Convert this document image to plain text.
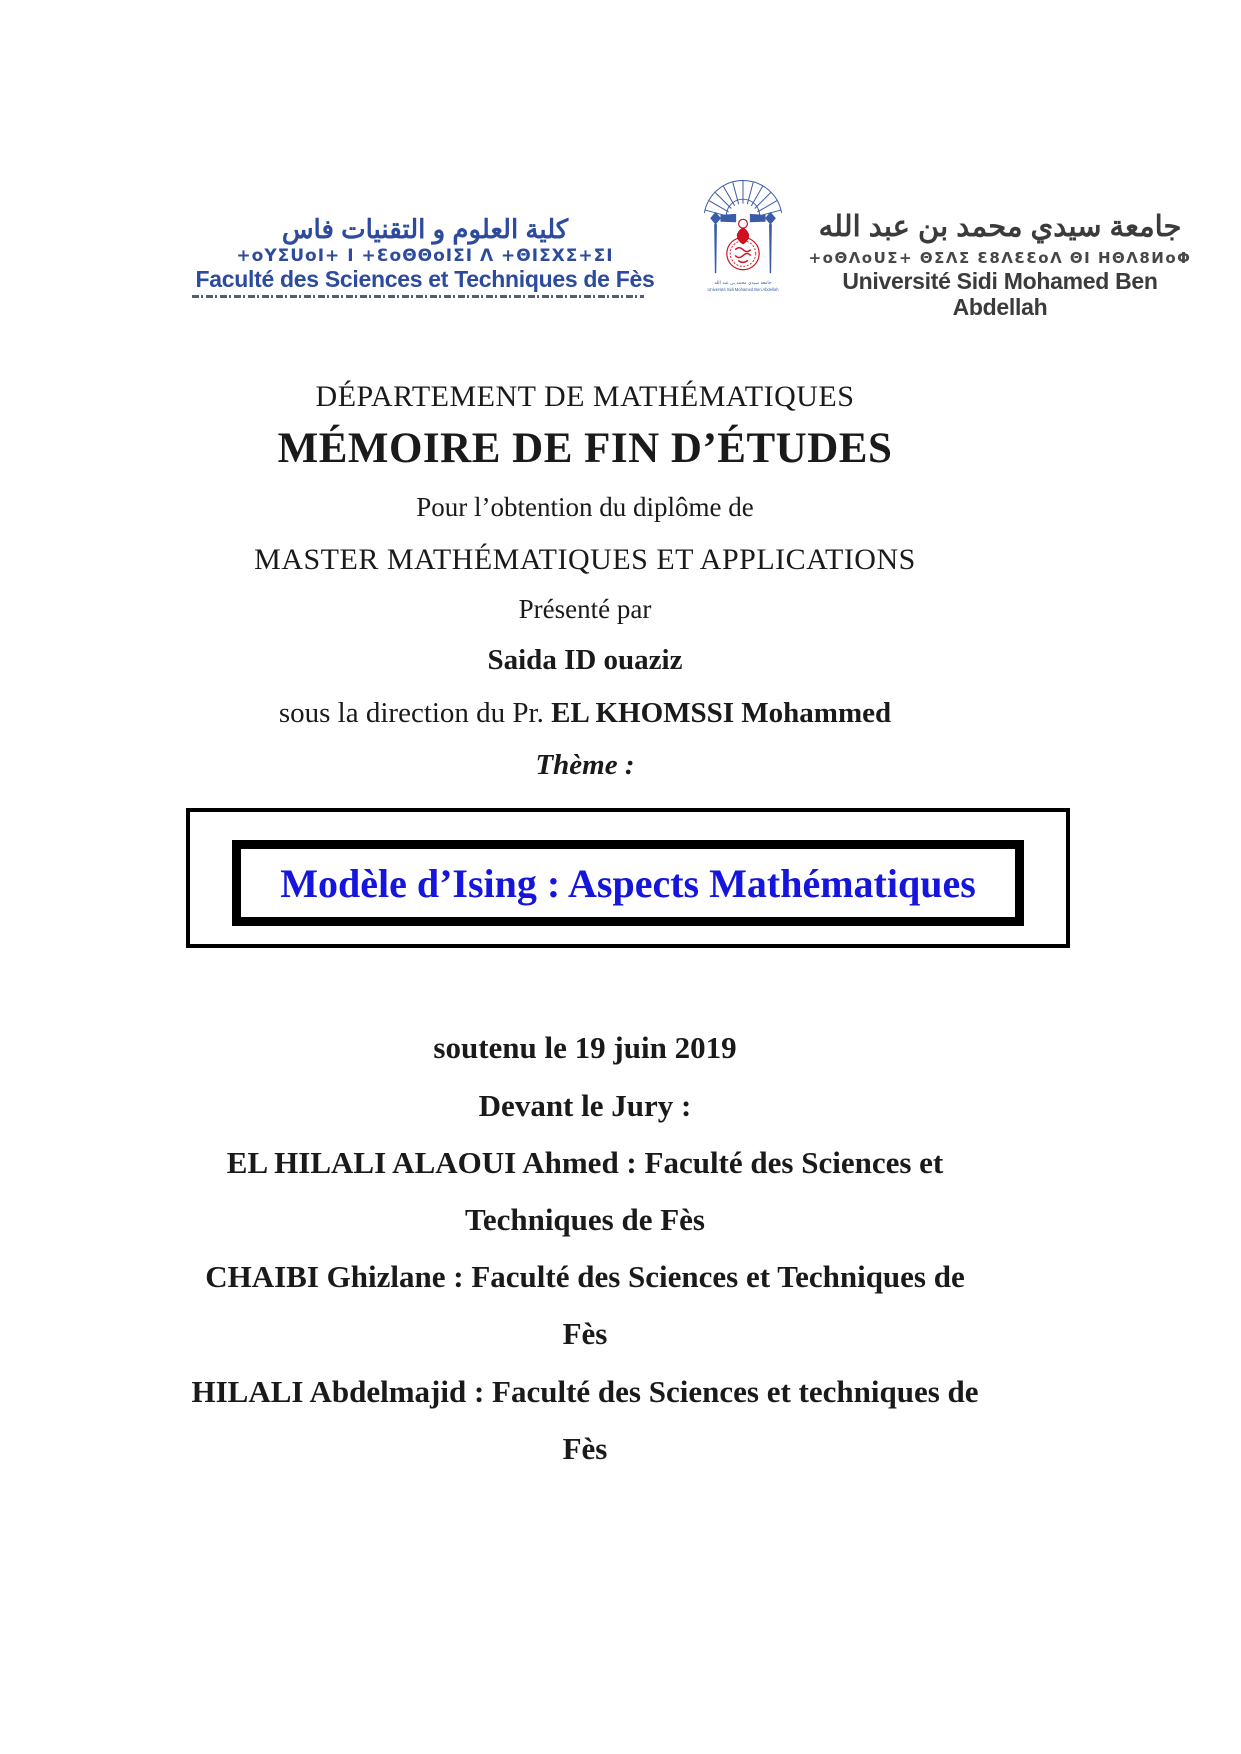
كلية العلوم و التقنيات فاس
+oYΣUoI+ I +ƐoΘΘoIΣI Λ +ΘIΣXΣ+ΣI
Faculté des Sciences et Techniques de Fès	جامعة سيدي محمد بن عبد الله
Université Sidi Mohamed Ben Abdellah
جامعة سيدي محمد بن عبد الله
+oΘΛoUΣ+ ΘΣΛΣ Ɛ8ΛƐƐoΛ ΘI ΗΘΛ8ИoΦ
Université Sidi Mohamed Ben Abdellah
DÉPARTEMENT DE MATHÉMATIQUES
MÉMOIRE DE FIN D’ÉTUDES
Pour l’obtention du diplôme de
MASTER MATHÉMATIQUES ET APPLICATIONS
Présenté par
Saida ID ouaziz
sous la direction du Pr. EL KHOMSSI Mohammed
Thème :
Modèle d’Ising : Aspects Mathématiques
soutenu le 19 juin 2019
Devant le Jury :
EL HILALI ALAOUI Ahmed : Faculté des Sciences et
Techniques de Fès
CHAIBI Ghizlane : Faculté des Sciences et Techniques de
Fès
HILALI Abdelmajid : Faculté des Sciences et techniques de
Fès
